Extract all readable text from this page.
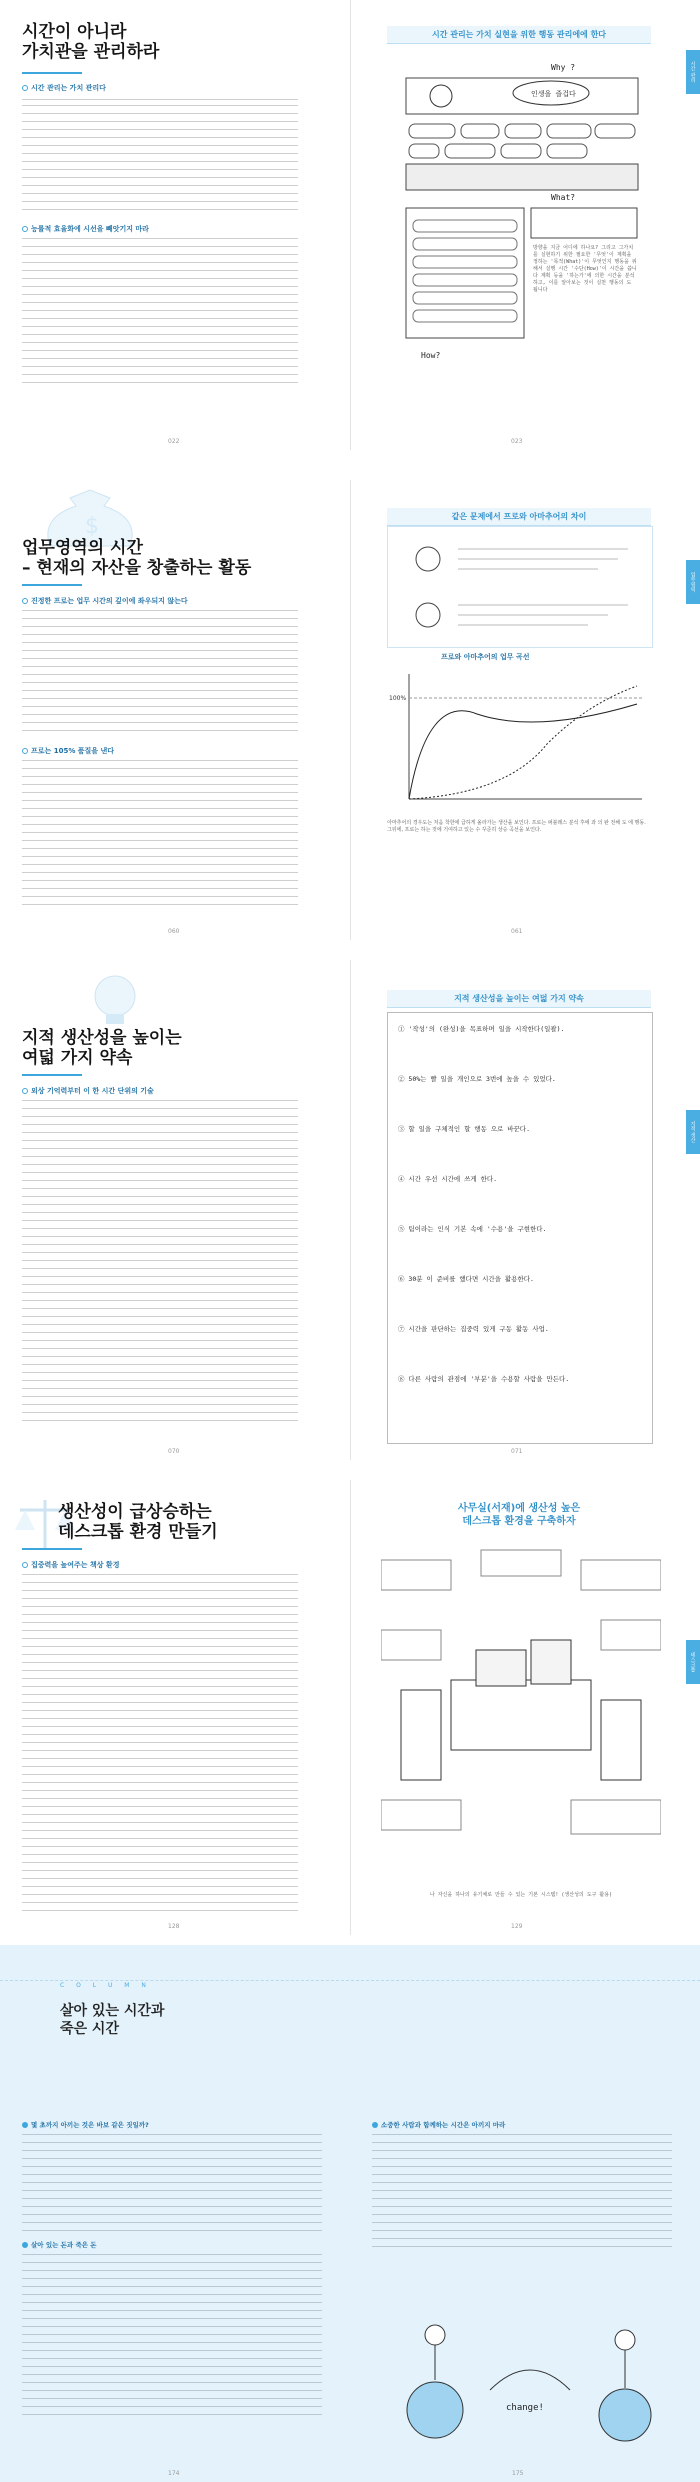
시간이 아니라
가치관을 관리하라
시간 관리는 가치 관리다
능률적 효율화에 시선을 빼앗기지 마라
022
시간 관리는 가치 실현을 위한 행동 관리에에 한다
Why ?
인생을 즐겁다
What?
How?
방향을 지금 어디에 하나요? 그리고 그가치를 실현하기 위한 필요한 '무엇'이 계획을 정하는 '목적(What)'이 무엇인지 행동을 위해서 실행 시간 '수단(How)'이 시간을 씁니다 계획 등을 '하는가'에 의한 시간을 분석하고, 이를 알아보는 것이 실천 행동의 도 됩니다
023
시간 관리
$
업무영역의 시간
– 현재의 자산을 창출하는 활동
진정한 프로는 업무 시간의 깊이에 좌우되지 않는다
프로는 105% 품질을 낸다
060
같은 문제에서 프로와 아마추어의 차이
프로와 아마추어의 업무 곡선
100%
아마추어의 경우도는 처음 착한에 급하게 올라가는 생산을 보인다. 프로는 퍼블레스 분석 후에 과 의 완 전해 도 에 행동. 그뒤에, 프로는 하는 것에 기여하고 있는 수 꾸준히 상승 곡선을 보인다.
061
업무영역
지적 생산성을 높이는
여덟 가지 약속
외상 기억력부터 이 한 시간 단위의 기술
070
지적 생산성을 높이는 여덟 가지 약속
① '작성'의 (완성)을 목표하며 일을 시작한다(일괄).
② 50%는 빨 일을 개인으로 3번에 높을 수 있었다.
③ 할 일을 구체적인 할 행동 으로 바꾼다.
④ 시간 우선 시간에 쓰게 한다.
⑤ 팀이라는 인식 기본 속에 '수용'을 구현한다.
⑥ 30분 이 준비를 했다면 시간을 활용한다.
⑦ 시간을 판단하는 집중력 있게 구동 활동 사업.
⑧ 다른 사람의 관점에 '부분'을 수용할 사람을 만든다.
071
지적 생산
생산성이 급상승하는
데스크톱 환경 만들기
집중력을 높여주는 책상 환경
128
사무실(서재)에 생산성 높은
데스크톱 환경을 구축하자
나 자신을 하나의 유기체로 만들 수 있는 기본 시스템! (생산성의 도구 활용)
129
데스크톱
C O L U M N
살아 있는 시간과
죽은 시간
몇 초까지 아끼는 것은 바보 같은 짓일까?
살아 있는 돈과 죽은 돈
소중한 사람과 함께하는 시간은 아끼지 마라
change!
174	175
